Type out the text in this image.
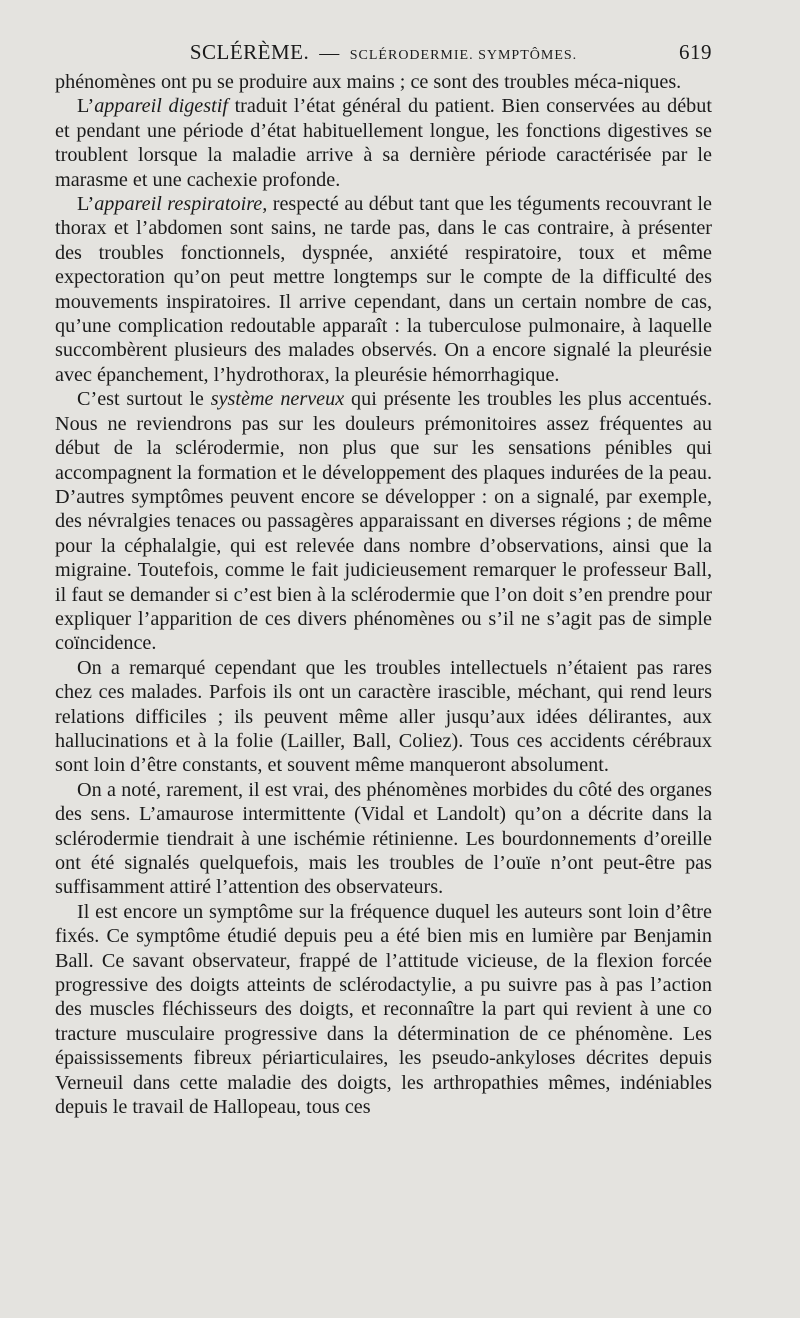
SCLÉRÈME. — SCLÉRODERMIE. SYMPTÔMES.	619

phénomènes ont pu se produire aux mains ; ce sont des troubles méca-niques.

L’appareil digestif traduit l’état général du patient. Bien conservées au début et pendant une période d’état habituellement longue, les fonctions digestives se troublent lorsque la maladie arrive à sa dernière période caractérisée par le marasme et une cachexie profonde.

L’appareil respiratoire, respecté au début tant que les téguments recouvrant le thorax et l’abdomen sont sains, ne tarde pas, dans le cas contraire, à présenter des troubles fonctionnels, dyspnée, anxiété respiratoire, toux et même expectoration qu’on peut mettre longtemps sur le compte de la difficulté des mouvements inspiratoires. Il arrive cependant, dans un certain nombre de cas, qu’une complication redoutable apparaît : la tuberculose pulmonaire, à laquelle succombèrent plusieurs des malades observés. On a encore signalé la pleurésie avec épanchement, l’hydrothorax, la pleurésie hémorrhagique.

C’est surtout le système nerveux qui présente les troubles les plus accentués. Nous ne reviendrons pas sur les douleurs prémonitoires assez fréquentes au début de la sclérodermie, non plus que sur les sensations pénibles qui accompagnent la formation et le développement des plaques indurées de la peau. D’autres symptômes peuvent encore se développer : on a signalé, par exemple, des névralgies tenaces ou passagères apparaissant en diverses régions ; de même pour la céphalalgie, qui est relevée dans nombre d’observations, ainsi que la migraine. Toutefois, comme le fait judicieusement remarquer le professeur Ball, il faut se demander si c’est bien à la sclérodermie que l’on doit s’en prendre pour expliquer l’apparition de ces divers phénomènes ou s’il ne s’agit pas de simple coïncidence.

On a remarqué cependant que les troubles intellectuels n’étaient pas rares chez ces malades. Parfois ils ont un caractère irascible, méchant, qui rend leurs relations difficiles ; ils peuvent même aller jusqu’aux idées délirantes, aux hallucinations et à la folie (Lailler, Ball, Coliez). Tous ces accidents cérébraux sont loin d’être constants, et souvent même manqueront absolument.

On a noté, rarement, il est vrai, des phénomènes morbides du côté des organes des sens. L’amaurose intermittente (Vidal et Landolt) qu’on a décrite dans la sclérodermie tiendrait à une ischémie rétinienne. Les bourdonnements d’oreille ont été signalés quelquefois, mais les troubles de l’ouïe n’ont peut-être pas suffisamment attiré l’attention des observateurs.

Il est encore un symptôme sur la fréquence duquel les auteurs sont loin d’être fixés. Ce symptôme étudié depuis peu a été bien mis en lumière par Benjamin Ball. Ce savant observateur, frappé de l’attitude vicieuse, de la flexion forcée progressive des doigts atteints de sclérodactylie, a pu suivre pas à pas l’action des muscles fléchisseurs des doigts, et reconnaître la part qui revient à une co tracture musculaire progressive dans la détermination de ce phénomène. Les épaississements fibreux périarticulaires, les pseudo-ankyloses décrites depuis Verneuil dans cette maladie des doigts, les arthropathies mêmes, indéniables depuis le travail de Hallopeau, tous ces
